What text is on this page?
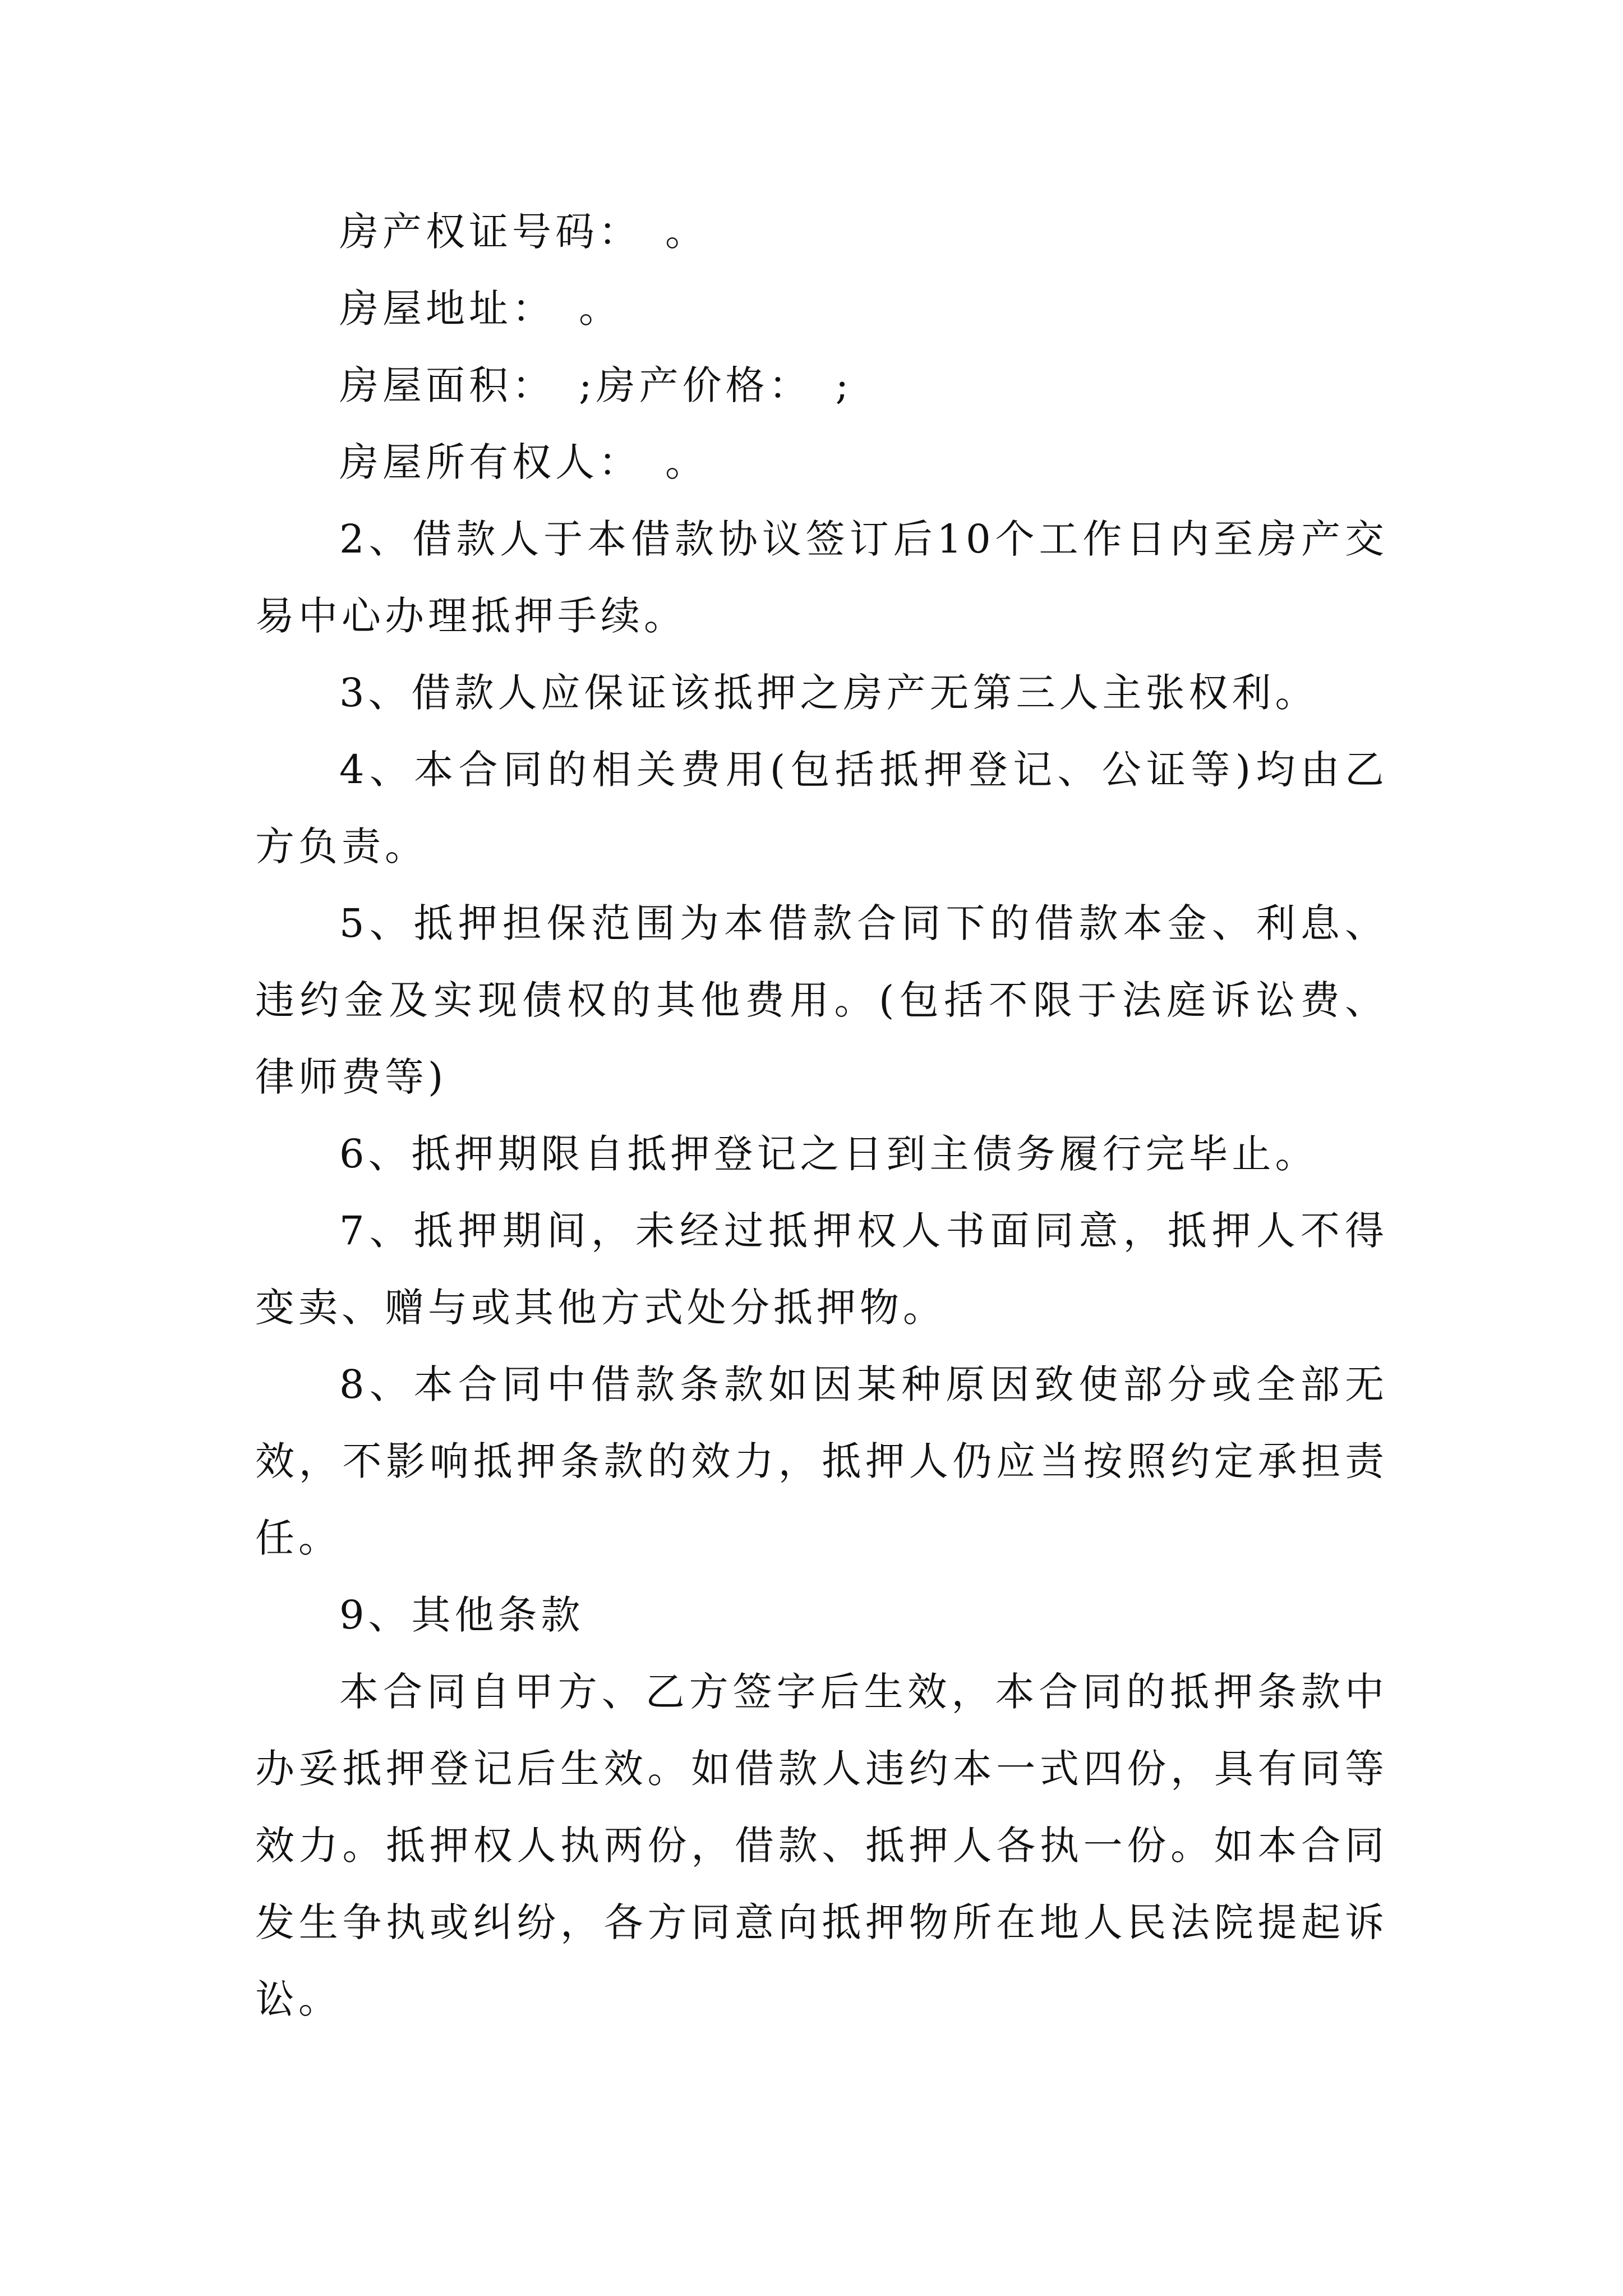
房产权证号码：　。

房屋地址：　。

房屋面积：　;房产价格：　;

房屋所有权人：　。

2、借款人于本借款协议签订后10个工作日内至房产交易中心办理抵押手续。

3、借款人应保证该抵押之房产无第三人主张权利。

4、本合同的相关费用(包括抵押登记、公证等)均由乙方负责。

5、抵押担保范围为本借款合同下的借款本金、利息、违约金及实现债权的其他费用。(包括不限于法庭诉讼费、律师费等)

6、抵押期限自抵押登记之日到主债务履行完毕止。

7、抵押期间，未经过抵押权人书面同意，抵押人不得变卖、赠与或其他方式处分抵押物。

8、本合同中借款条款如因某种原因致使部分或全部无效，不影响抵押条款的效力，抵押人仍应当按照约定承担责任。

9、其他条款

本合同自甲方、乙方签字后生效，本合同的抵押条款中办妥抵押登记后生效。如借款人违约本一式四份，具有同等效力。抵押权人执两份，借款、抵押人各执一份。如本合同发生争执或纠纷，各方同意向抵押物所在地人民法院提起诉讼。
